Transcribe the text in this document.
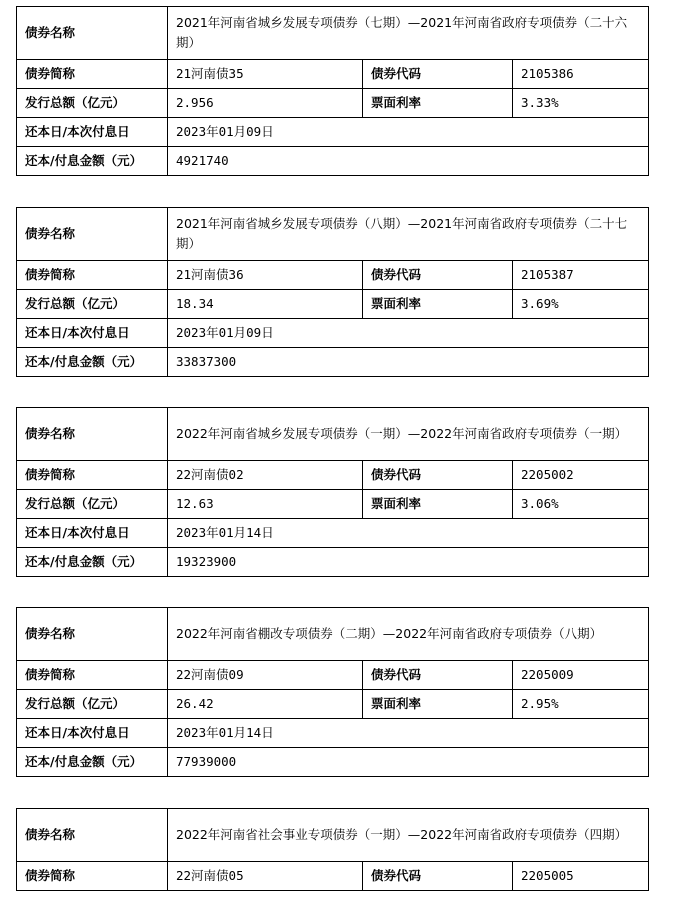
债券名称	2021年河南省城乡发展专项债券（七期）—2021年河南省政府专项债券（二十六期）		
债券简称	21河南债35	债券代码	2105386
发行总额（亿元）	2.956	票面利率	3.33%
还本日/本次付息日	2023年01月09日		
还本/付息金额（元）	4921740		
债券名称	2021年河南省城乡发展专项债券（八期）—2021年河南省政府专项债券（二十七期）		
债券简称	21河南债36	债券代码	2105387
发行总额（亿元）	18.34	票面利率	3.69%
还本日/本次付息日	2023年01月09日		
还本/付息金额（元）	33837300		
债券名称	2022年河南省城乡发展专项债券（一期）—2022年河南省政府专项债券（一期）		
债券简称	22河南债02	债券代码	2205002
发行总额（亿元）	12.63	票面利率	3.06%
还本日/本次付息日	2023年01月14日		
还本/付息金额（元）	19323900		
债券名称	2022年河南省棚改专项债券（二期）—2022年河南省政府专项债券（八期）		
债券简称	22河南债09	债券代码	2205009
发行总额（亿元）	26.42	票面利率	2.95%
还本日/本次付息日	2023年01月14日		
还本/付息金额（元）	77939000		
债券名称	2022年河南省社会事业专项债券（一期）—2022年河南省政府专项债券（四期）		
债券简称	22河南债05	债券代码	2205005
